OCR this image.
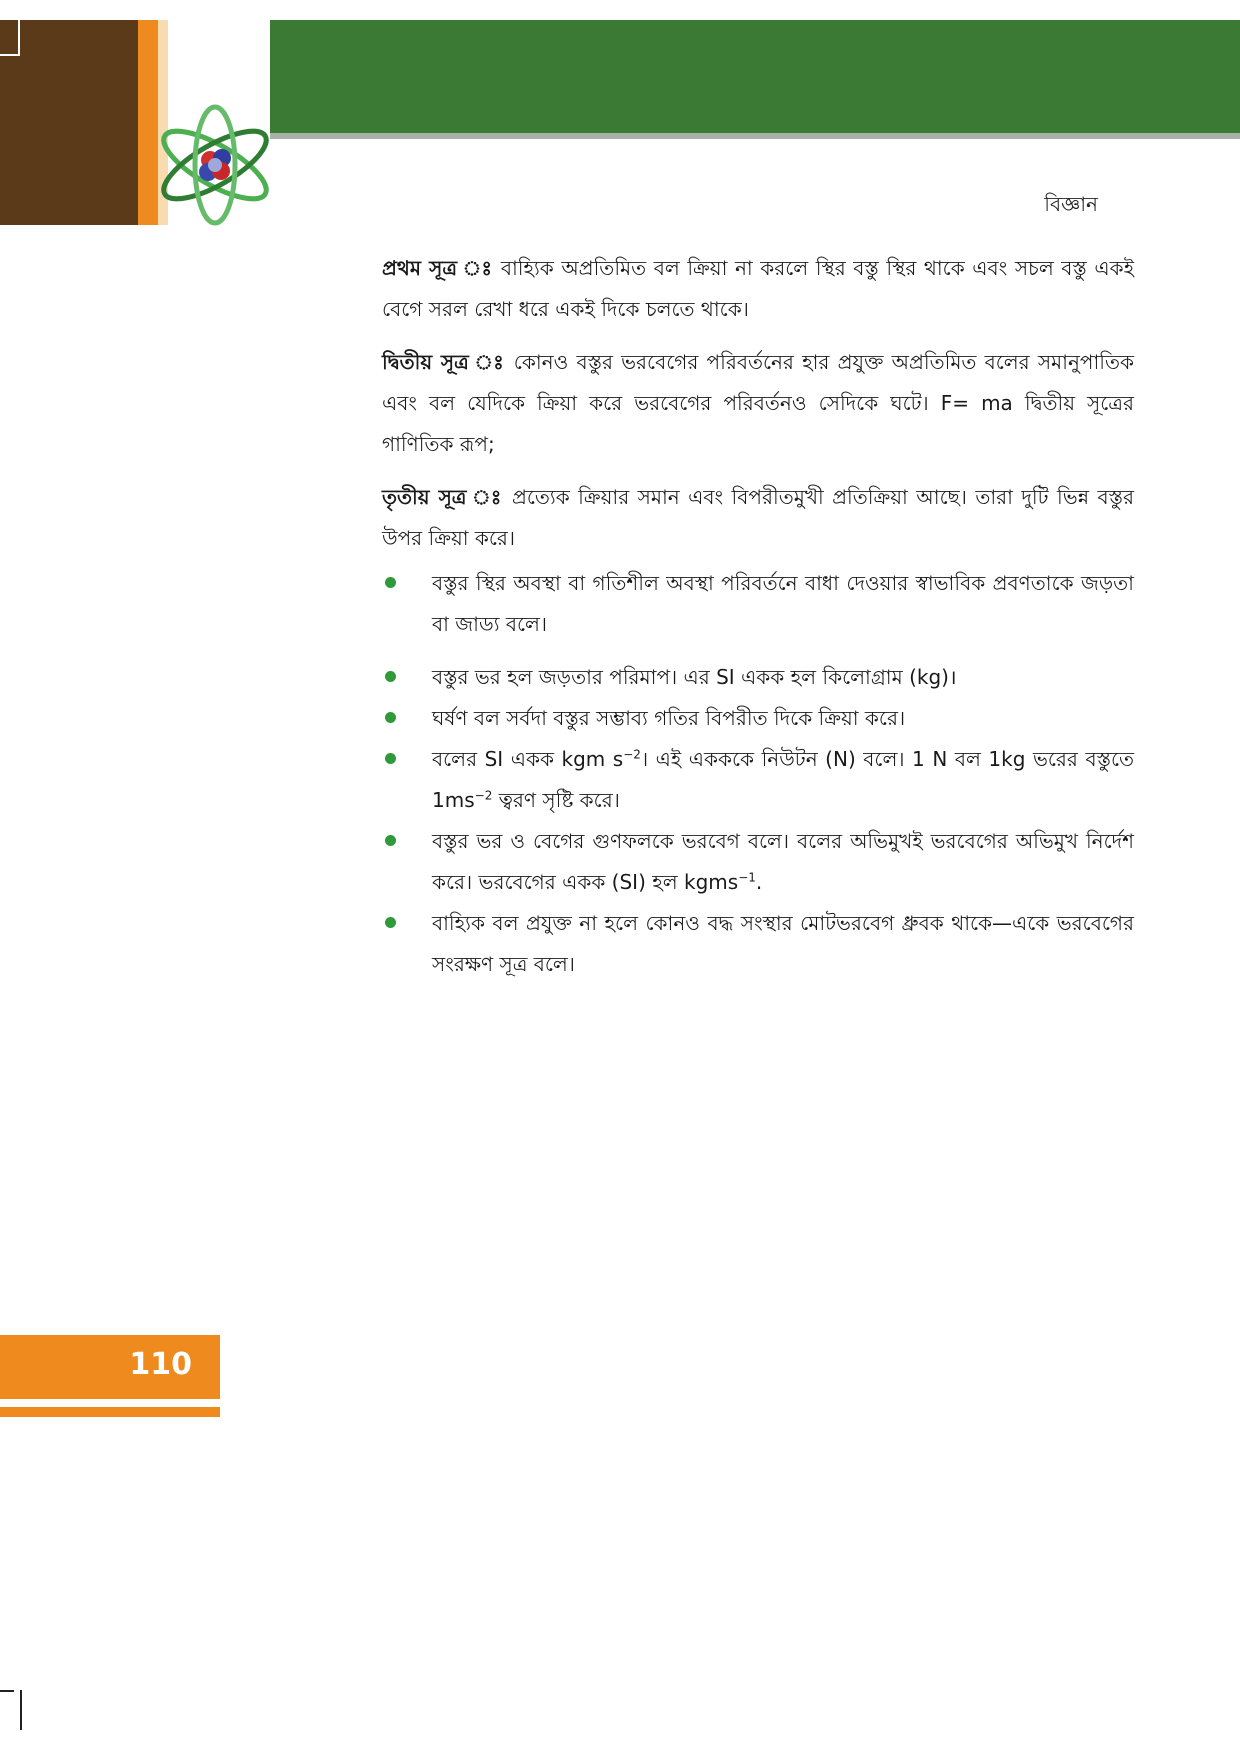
বিজ্ঞান

প্রথম সূত্র ঃ বাহ্যিক অপ্রতিমিত বল ক্রিয়া না করলে স্থির বস্তু স্থির থাকে এবং সচল বস্তু একই বেগে সরল রেখা ধরে একই দিকে চলতে থাকে।

দ্বিতীয় সূত্র ঃ কোনও বস্তুর ভরবেগের পরিবর্তনের হার প্রযুক্ত অপ্রতিমিত বলের সমানুপাতিক এবং বল যেদিকে ক্রিয়া করে ভরবেগের পরিবর্তনও সেদিকে ঘটে। F= ma দ্বিতীয় সূত্রের গাণিতিক রূপ;

তৃতীয় সূত্র ঃ প্রত্যেক ক্রিয়ার সমান এবং বিপরীতমুখী প্রতিক্রিয়া আছে। তারা দুটি ভিন্ন বস্তুর উপর ক্রিয়া করে।

বস্তুর স্থির অবস্থা বা গতিশীল অবস্থা পরিবর্তনে বাধা দেওয়ার স্বাভাবিক প্রবণতাকে জড়তা বা জাড্য বলে।
বস্তুর ভর হল জড়তার পরিমাপ। এর SI একক হল কিলোগ্রাম (kg)।
ঘর্ষণ বল সর্বদা বস্তুর সম্ভাব্য গতির বিপরীত দিকে ক্রিয়া করে।
বলের SI একক kgm $s^{-2}।$ এই একককে নিউটন (N) বলে। 1 N বল 1kg ভরের বস্তুতে $1ms^{-2}$ ত্বরণ সৃষ্টি করে।
বস্তুর ভর ও বেগের গুণফলকে ভরবেগ বলে। বলের অভিমুখই ভরবেগের অভিমুখ নির্দেশ করে। ভরবেগের একক (SI) হল kgms$^{-1}$.
বাহ্যিক বল প্রযুক্ত না হলে কোনও বদ্ধ সংস্থার মোটভরবেগ ধ্রুবক থাকে—একে ভরবেগের সংরক্ষণ সূত্র বলে।
110
